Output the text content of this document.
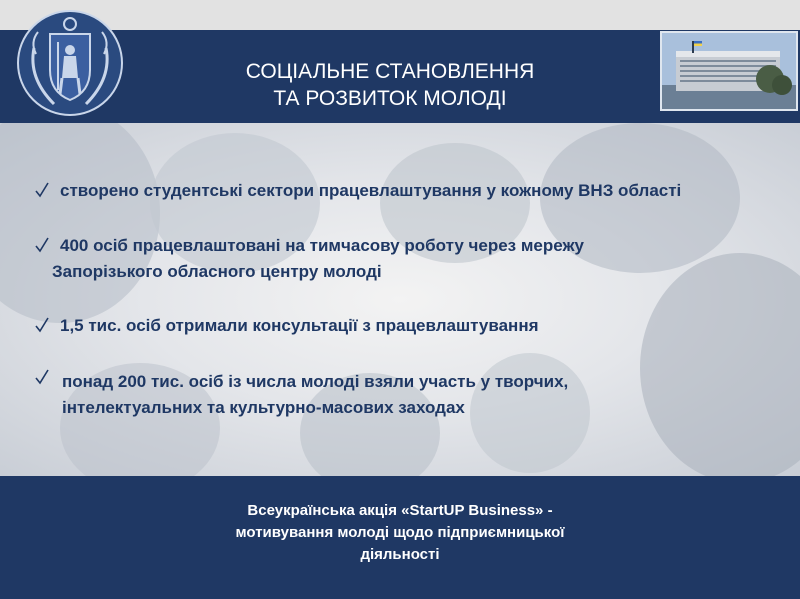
СОЦІАЛЬНЕ СТАНОВЛЕННЯ
ТА РОЗВИТОК МОЛОДІ
створено студентські сектори працевлаштування у кожному ВНЗ області
400 осіб працевлаштовані на тимчасову роботу через мережу
Запорізького обласного центру молоді
1,5 тис. осіб отримали консультації з працевлаштування
понад 200 тис. осіб із числа молоді взяли участь у творчих,
інтелектуальних та культурно-масових заходах
Всеукраїнська акція «StartUP Business» -
мотивування молоді щодо підприємницької
діяльності
